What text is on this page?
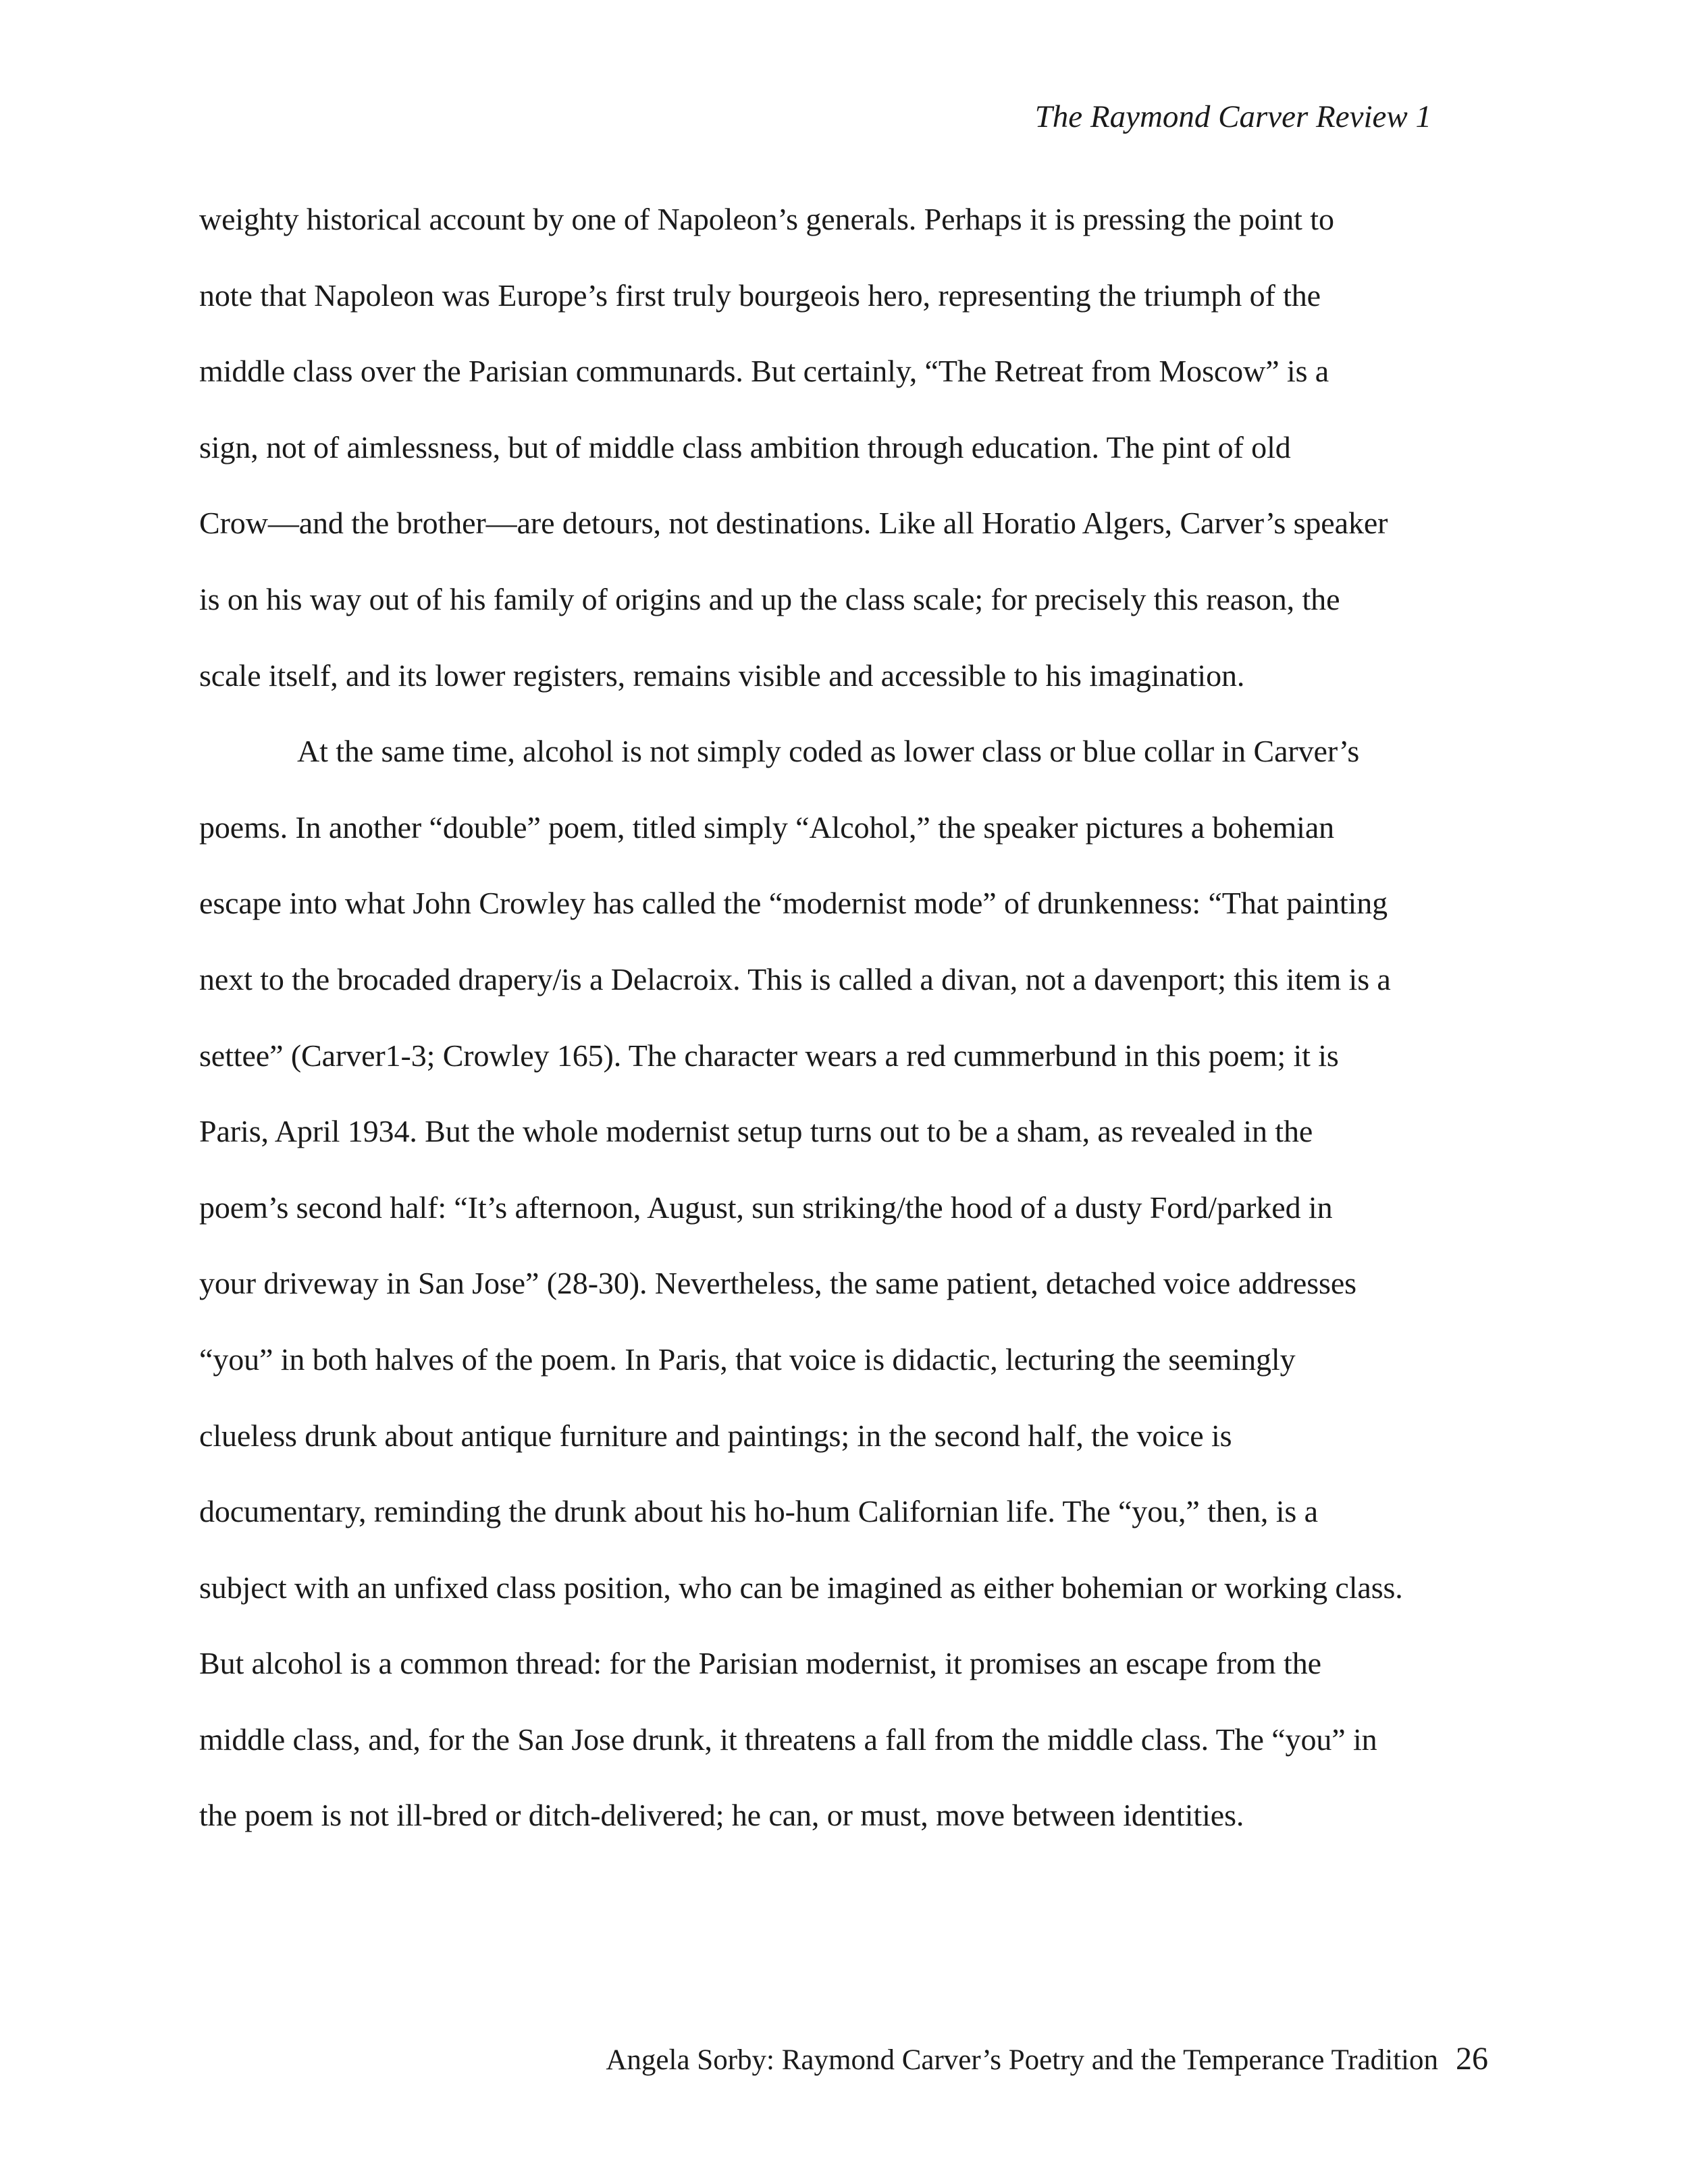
The Raymond Carver Review 1
weighty historical account by one of Napoleon’s generals. Perhaps it is pressing the point to
note that Napoleon was Europe’s first truly bourgeois hero, representing the triumph of the
middle class over the Parisian communards. But certainly, “The Retreat from Moscow” is a
sign, not of aimlessness, but of middle class ambition through education. The pint of old
Crow—and the brother—are detours, not destinations. Like all Horatio Algers, Carver’s speaker
is on his way out of his family of origins and up the class scale; for precisely this reason, the
scale itself, and its lower registers, remains visible and accessible to his imagination.
At the same time, alcohol is not simply coded as lower class or blue collar in Carver’s
poems. In another “double” poem, titled simply “Alcohol,” the speaker pictures a bohemian
escape into what John Crowley has called the “modernist mode” of drunkenness: “That painting
next to the brocaded drapery/is a Delacroix. This is called a divan, not a davenport; this item is a
settee” (Carver1-3; Crowley 165). The character wears a red cummerbund in this poem; it is
Paris, April 1934. But the whole modernist setup turns out to be a sham, as revealed in the
poem’s second half: “It’s afternoon, August, sun striking/the hood of a dusty Ford/parked in
your driveway in San Jose” (28-30). Nevertheless, the same patient, detached voice addresses
“you” in both halves of the poem. In Paris, that voice is didactic, lecturing the seemingly
clueless drunk about antique furniture and paintings; in the second half, the voice is
documentary, reminding the drunk about his ho-hum Californian life. The “you,” then, is a
subject with an unfixed class position, who can be imagined as either bohemian or working class.
But alcohol is a common thread: for the Parisian modernist, it promises an escape from the
middle class, and, for the San Jose drunk, it threatens a fall from the middle class. The “you” in
the poem is not ill-bred or ditch-delivered; he can, or must, move between identities.
Angela Sorby: Raymond Carver’s Poetry and the Temperance Tradition 26
